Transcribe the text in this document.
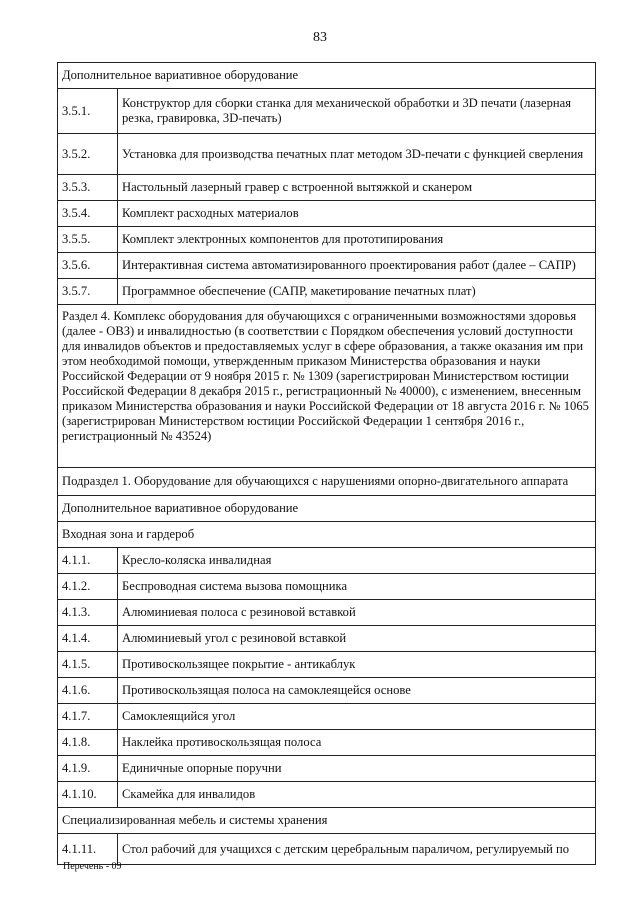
83
Дополнительное вариативное оборудование	
3.5.1.	Конструктор для сборки станка для механической обработки и 3D печати (лазерная резка, гравировка, 3D-печать)
3.5.2.	Установка для производства печатных плат методом 3D-печати с функцией сверления
3.5.3.	Настольный лазерный гравер с встроенной вытяжкой и сканером
3.5.4.	Комплект расходных материалов
3.5.5.	Комплект электронных компонентов для прототипирования
3.5.6.	Интерактивная система автоматизированного проектирования работ (далее – САПР)
3.5.7.	Программное обеспечение (САПР, макетирование печатных плат)
Раздел 4. Комплекс оборудования для обучающихся с ограниченными возможностями здоровья (далее - ОВЗ) и инвалидностью (в соответствии с Порядком обеспечения условий доступности для инвалидов объектов и предоставляемых услуг в сфере образования, а также оказания им при этом необходимой помощи, утвержденным приказом Министерства образования и науки Российской Федерации от 9 ноября 2015 г. № 1309 (зарегистрирован Министерством юстиции Российской Федерации 8 декабря 2015 г., регистрационный № 40000), с изменением, внесенным приказом Министерства образования и науки Российской Федерации от 18 августа 2016 г. № 1065 (зарегистрирован Министерством юстиции Российской Федерации 1 сентября 2016 г., регистрационный № 43524)	
Подраздел 1. Оборудование для обучающихся с нарушениями опорно-двигательного аппарата	
Дополнительное вариативное оборудование	
Входная зона и гардероб	
4.1.1.	Кресло-коляска инвалидная
4.1.2.	Беспроводная система вызова помощника
4.1.3.	Алюминиевая полоса с резиновой вставкой
4.1.4.	Алюминиевый угол с резиновой вставкой
4.1.5.	Противоскользящее покрытие - антикаблук
4.1.6.	Противоскользящая полоса на самоклеящейся основе
4.1.7.	Самоклеящийся угол
4.1.8.	Наклейка противоскользящая полоса
4.1.9.	Единичные опорные поручни
4.1.10.	Скамейка для инвалидов
Специализированная мебель и системы хранения	
4.1.11.	Стол рабочий для учащихся с детским церебральным параличом, регулируемый по
Перечень - 09
